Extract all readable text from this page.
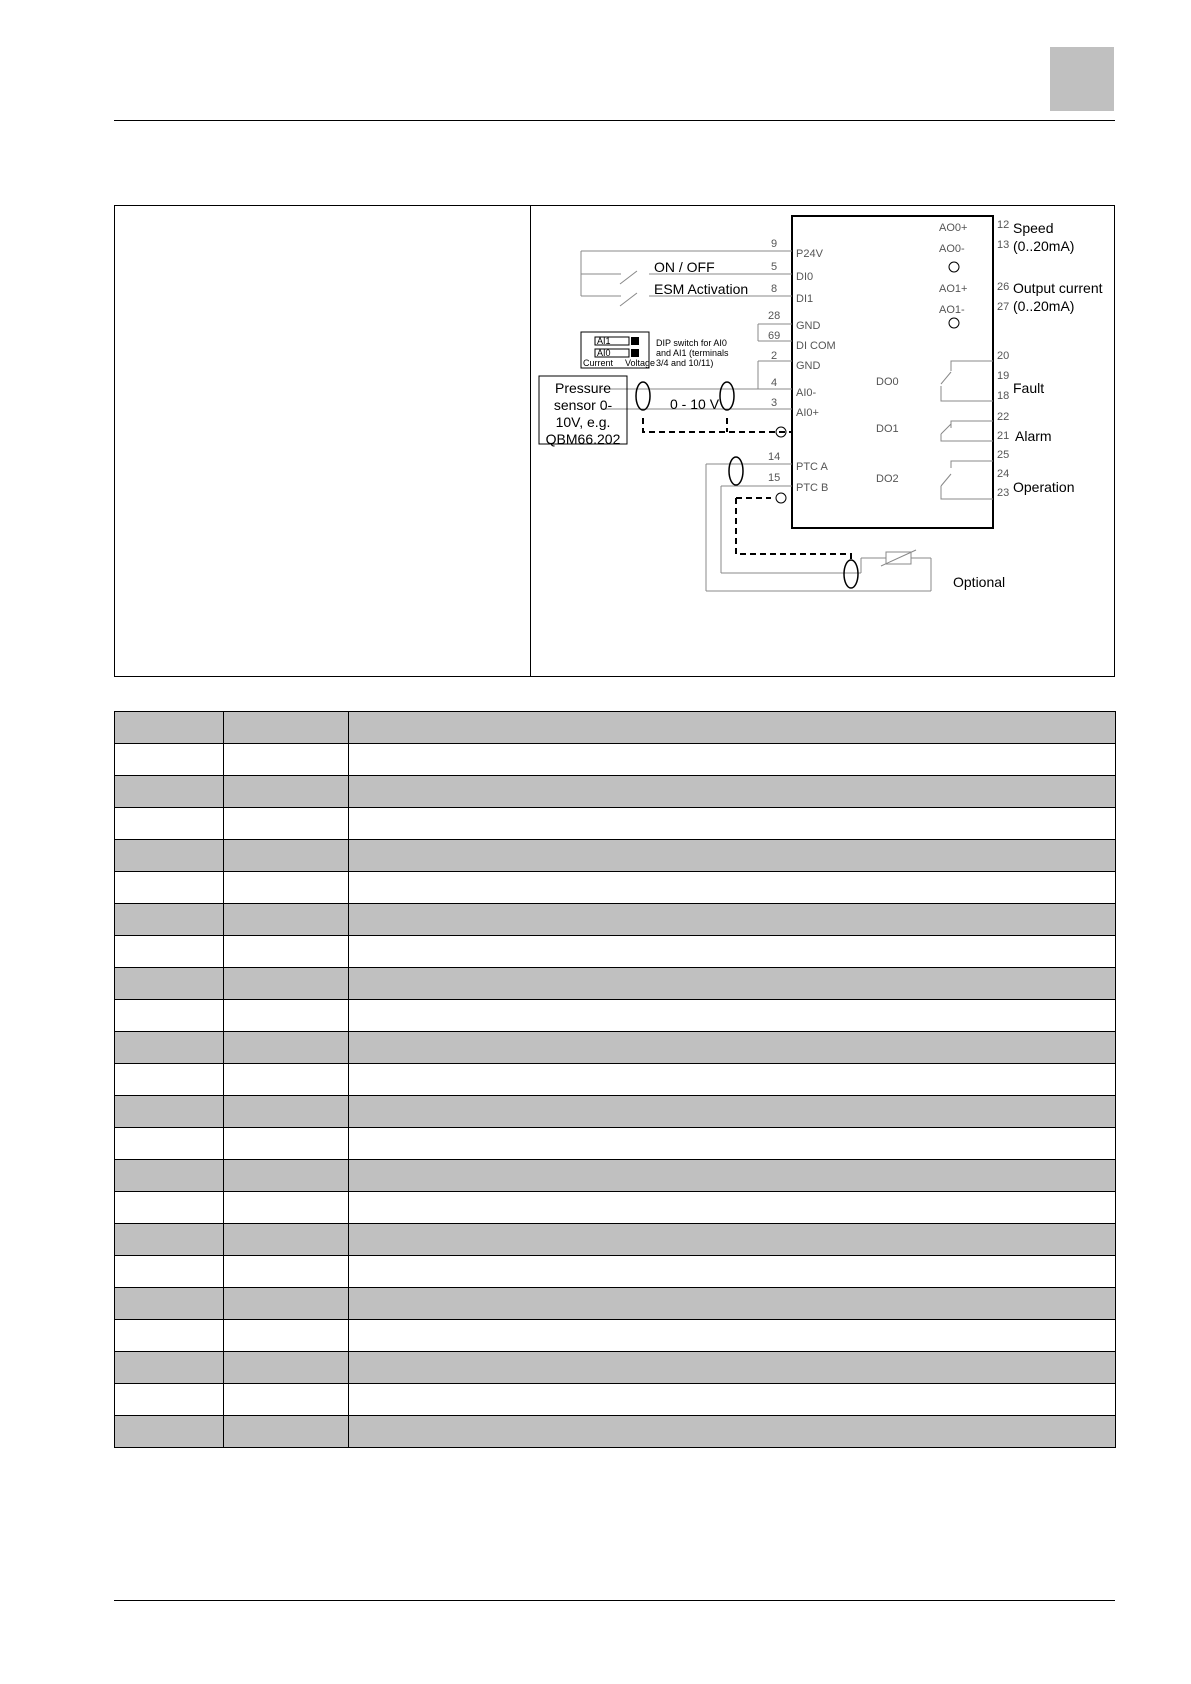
AI1
AI0
Current Voltage
DIP switch for AI0 and AI1 (terminals 3/4 and 10/11)
Pressure
sensor 0-
10V, e.g.
QBM66.202
ON / OFF
ESM Activation
0 - 10 V
9
P24V
5
DI0
8
DI1
28
GND
69
DI COM
2
GND
4
AI0-
3
AI0+
14
PTC A
15
PTC B
AO0+
AO0-
AO1+
AO1-
12
13
26
27
DO0
DO1
DO2
20
19
18
22
21
25
24
23
Speed
(0..20mA)
Output current
(0..20mA)
Fault
Alarm
Operation
Optional
